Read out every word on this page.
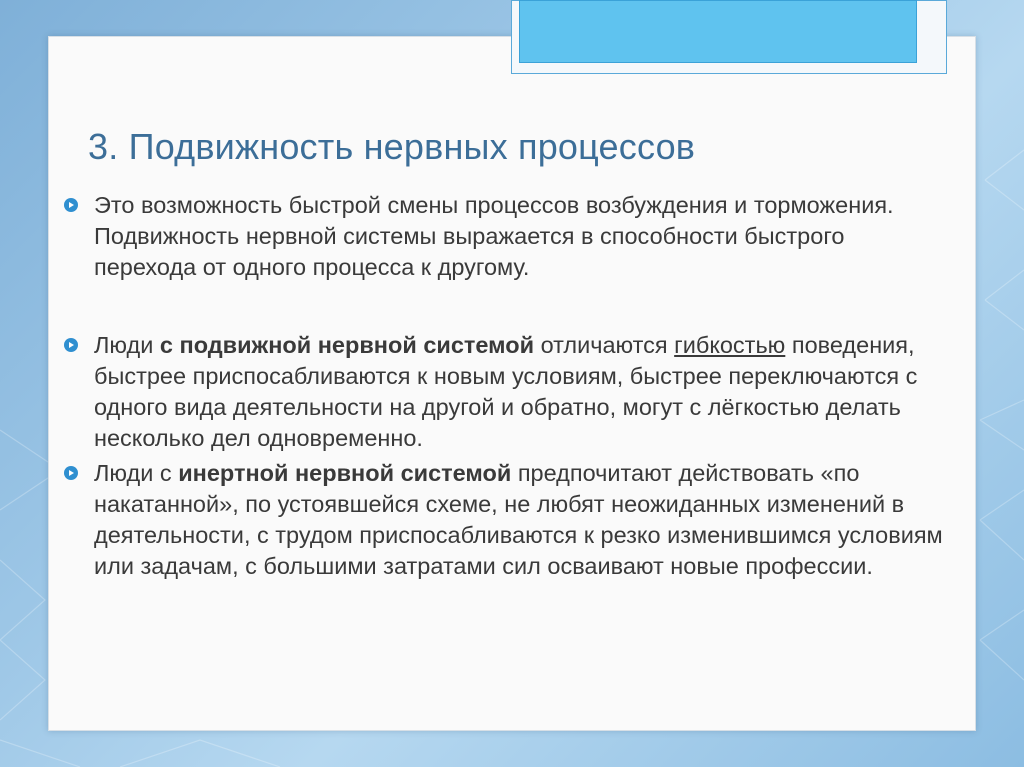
3. Подвижность нервных процессов
Это возможность быстрой смены процессов возбуждения и торможения. Подвижность нервной системы выражается в способности быстрого перехода от одного процесса к другому.
Люди с подвижной нервной системой отличаются гибкостью поведения, быстрее приспосабливаются к новым условиям, быстрее переключаются с одного вида деятельности на другой и обратно, могут с лёгкостью делать несколько дел одновременно.
Люди с инертной нервной системой предпочитают действовать «по накатанной», по устоявшейся схеме, не любят неожиданных изменений в деятельности, с трудом приспосабливаются к резко изменившимся условиям или задачам, с большими затратами сил осваивают новые профессии.
